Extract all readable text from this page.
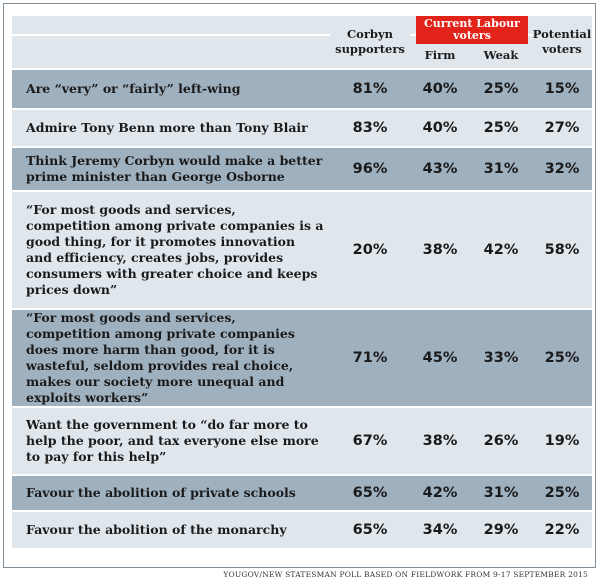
	Corbyn supporters	Current Labour voters		Potential voters
		Firm	Weak	
Are “very” or “fairly” left-wing	81%	40%	25%	15%
Admire Tony Benn more than Tony Blair	83%	40%	25%	27%
Think Jeremy Corbyn would make a better prime minister than George Osborne	96%	43%	31%	32%
“For most goods and services, competition among private companies is a good thing, for it promotes innovation and efficiency, creates jobs, provides consumers with greater choice and keeps prices down”	20%	38%	42%	58%
“For most goods and services, competition among private companies does more harm than good, for it is wasteful, seldom provides real choice, makes our society more unequal and exploits workers”	71%	45%	33%	25%
Want the government to “do far more to help the poor, and tax everyone else more to pay for this help”	67%	38%	26%	19%
Favour the abolition of private schools	65%	42%	31%	25%
Favour the abolition of the monarchy	65%	34%	29%	22%
YOUGOV/NEW STATESMAN POLL BASED ON FIELDWORK FROM 9-17 SEPTEMBER 2015
